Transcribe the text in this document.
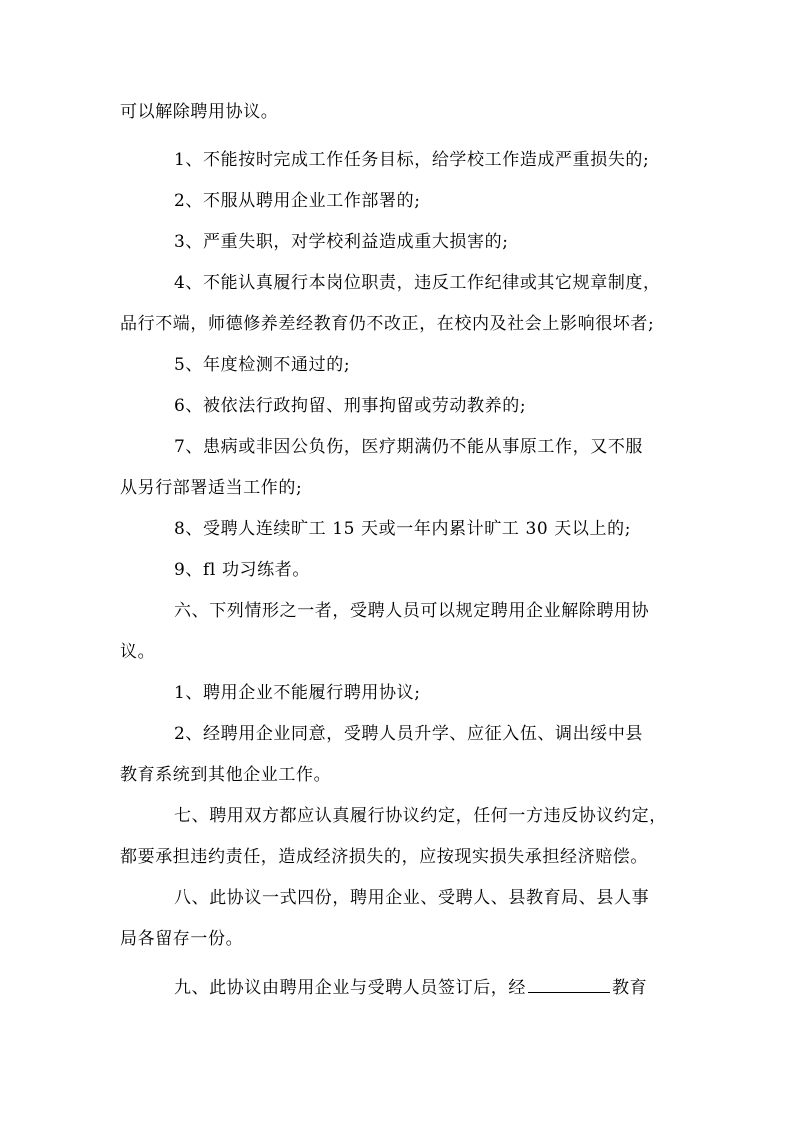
可以解除聘用协议。
1、不能按时完成工作任务目标，给学校工作造成严重损失的;
2、不服从聘用企业工作部署的;
3、严重失职，对学校利益造成重大损害的;
4、不能认真履行本岗位职责，违反工作纪律或其它规章制度，
品行不端，师德修养差经教育仍不改正，在校内及社会上影响很坏者;
5、年度检测不通过的;
6、被依法行政拘留、刑事拘留或劳动教养的;
7、患病或非因公负伤，医疗期满仍不能从事原工作，又不服
从另行部署适当工作的;
8、受聘人连续旷工 15 天或一年内累计旷工 30 天以上的;
9、fl 功习练者。
六、下列情形之一者，受聘人员可以规定聘用企业解除聘用协
议。
1、聘用企业不能履行聘用协议;
2、经聘用企业同意，受聘人员升学、应征入伍、调出绥中县
教育系统到其他企业工作。
七、聘用双方都应认真履行协议约定，任何一方违反协议约定，
都要承担违约责任，造成经济损失的，应按现实损失承担经济赔偿。
八、此协议一式四份，聘用企业、受聘人、县教育局、县人事
局各留存一份。
九、此协议由聘用企业与受聘人员签订后，经	教育
